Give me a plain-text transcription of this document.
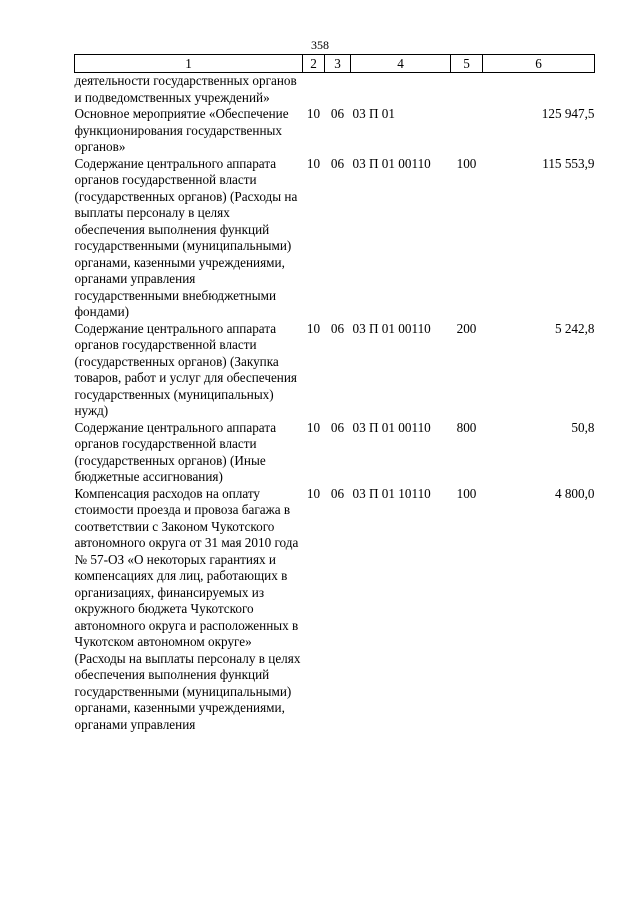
358
1	2	3	4	5	6
деятельности государственных органов и подведомственных учреждений»					
Основное мероприятие «Обеспечение функционирования государственных органов»	10	06	03 П 01		125 947,5
Содержание центрального аппарата органов государственной власти (государственных органов) (Расходы на выплаты персоналу в целях обеспечения выполнения функций государственными (муниципальными) органами, казенными учреждениями, органами управления государственными внебюджетными фондами)	10	06	03 П 01 00110	100	115 553,9
Содержание центрального аппарата органов государственной власти (государственных органов) (Закупка товаров, работ и услуг для обеспечения государственных (муниципальных) нужд)	10	06	03 П 01 00110	200	5 242,8
Содержание центрального аппарата органов государственной власти (государственных органов) (Иные бюджетные ассигнования)	10	06	03 П 01 00110	800	50,8
Компенсация расходов на оплату стоимости проезда и провоза багажа в соответствии с Законом Чукотского автономного округа от 31 мая 2010 года № 57-ОЗ «О некоторых гарантиях и компенсациях для лиц, работающих в организациях, финансируемых из окружного бюджета Чукотского автономного округа и расположенных в Чукотском автономном округе» (Расходы на выплаты персоналу в целях обеспечения выполнения функций государственными (муниципальными) органами, казенными учреждениями, органами управления	10	06	03 П 01 10110	100	4 800,0
